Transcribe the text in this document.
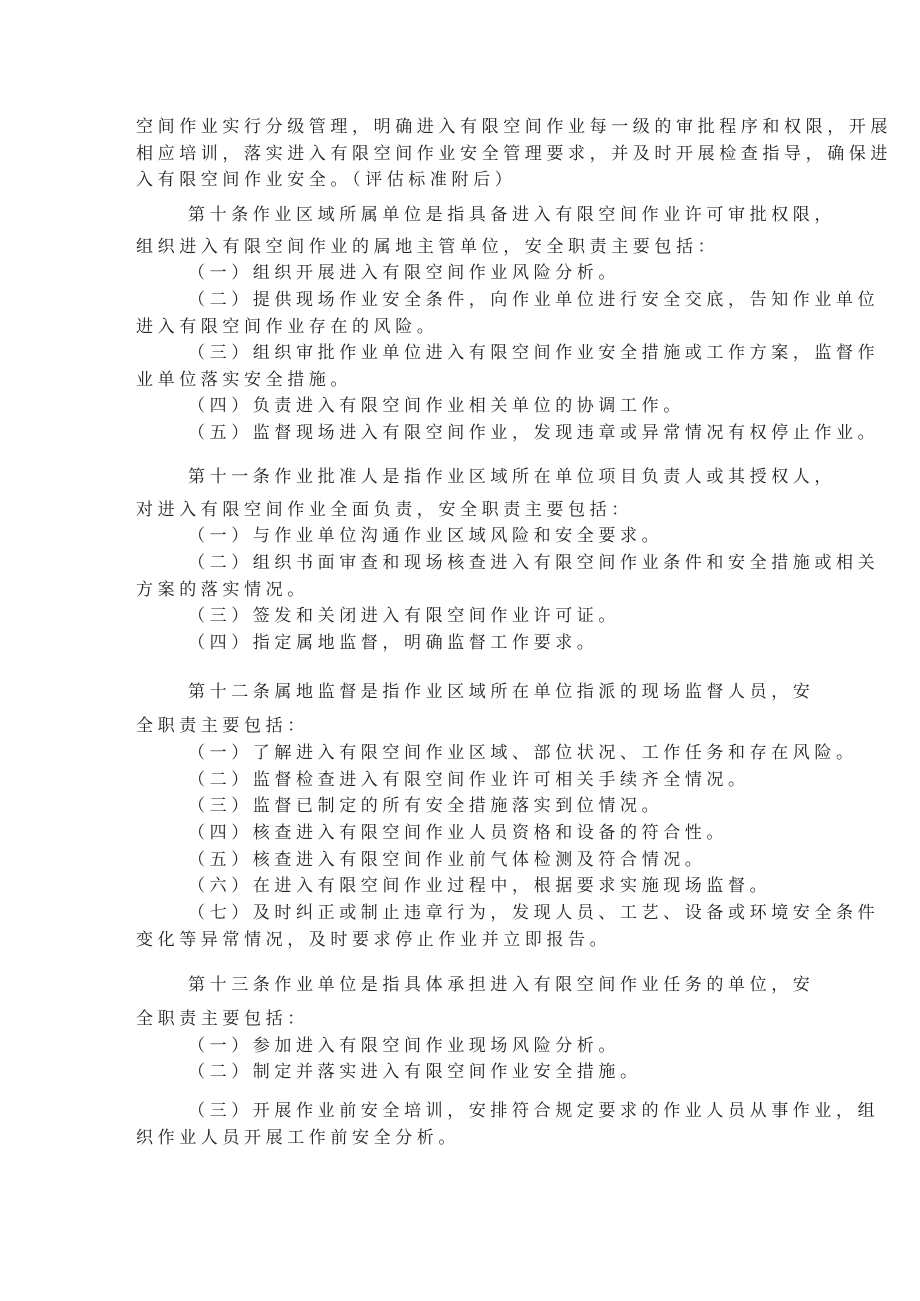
空间作业实行分级管理，明确进入有限空间作业每一级的审批程序和权限，开展
相应培训，落实进入有限空间作业安全管理要求，并及时开展检查指导，确保进
入有限空间作业安全。（评估标准附后）
第十条作业区域所属单位是指具备进入有限空间作业许可审批权限，
组织进入有限空间作业的属地主管单位，安全职责主要包括：
（一）组织开展进入有限空间作业风险分析。
（二）提供现场作业安全条件，向作业单位进行安全交底，告知作业单位
进入有限空间作业存在的风险。
（三）组织审批作业单位进入有限空间作业安全措施或工作方案，监督作
业单位落实安全措施。
（四）负责进入有限空间作业相关单位的协调工作。
（五）监督现场进入有限空间作业，发现违章或异常情况有权停止作业。
第十一条作业批准人是指作业区域所在单位项目负责人或其授权人，
对进入有限空间作业全面负责，安全职责主要包括：
（一）与作业单位沟通作业区域风险和安全要求。
（二）组织书面审查和现场核查进入有限空间作业条件和安全措施或相关
方案的落实情况。
（三）签发和关闭进入有限空间作业许可证。
（四）指定属地监督，明确监督工作要求。
第十二条属地监督是指作业区域所在单位指派的现场监督人员，安
全职责主要包括：
（一）了解进入有限空间作业区域、部位状况、工作任务和存在风险。
（二）监督检查进入有限空间作业许可相关手续齐全情况。
（三）监督已制定的所有安全措施落实到位情况。
（四）核查进入有限空间作业人员资格和设备的符合性。
（五）核查进入有限空间作业前气体检测及符合情况。
（六）在进入有限空间作业过程中，根据要求实施现场监督。
（七）及时纠正或制止违章行为，发现人员、工艺、设备或环境安全条件
变化等异常情况，及时要求停止作业并立即报告。
第十三条作业单位是指具体承担进入有限空间作业任务的单位，安
全职责主要包括：
（一）参加进入有限空间作业现场风险分析。
（二）制定并落实进入有限空间作业安全措施。
（三）开展作业前安全培训，安排符合规定要求的作业人员从事作业，组
织作业人员开展工作前安全分析。
